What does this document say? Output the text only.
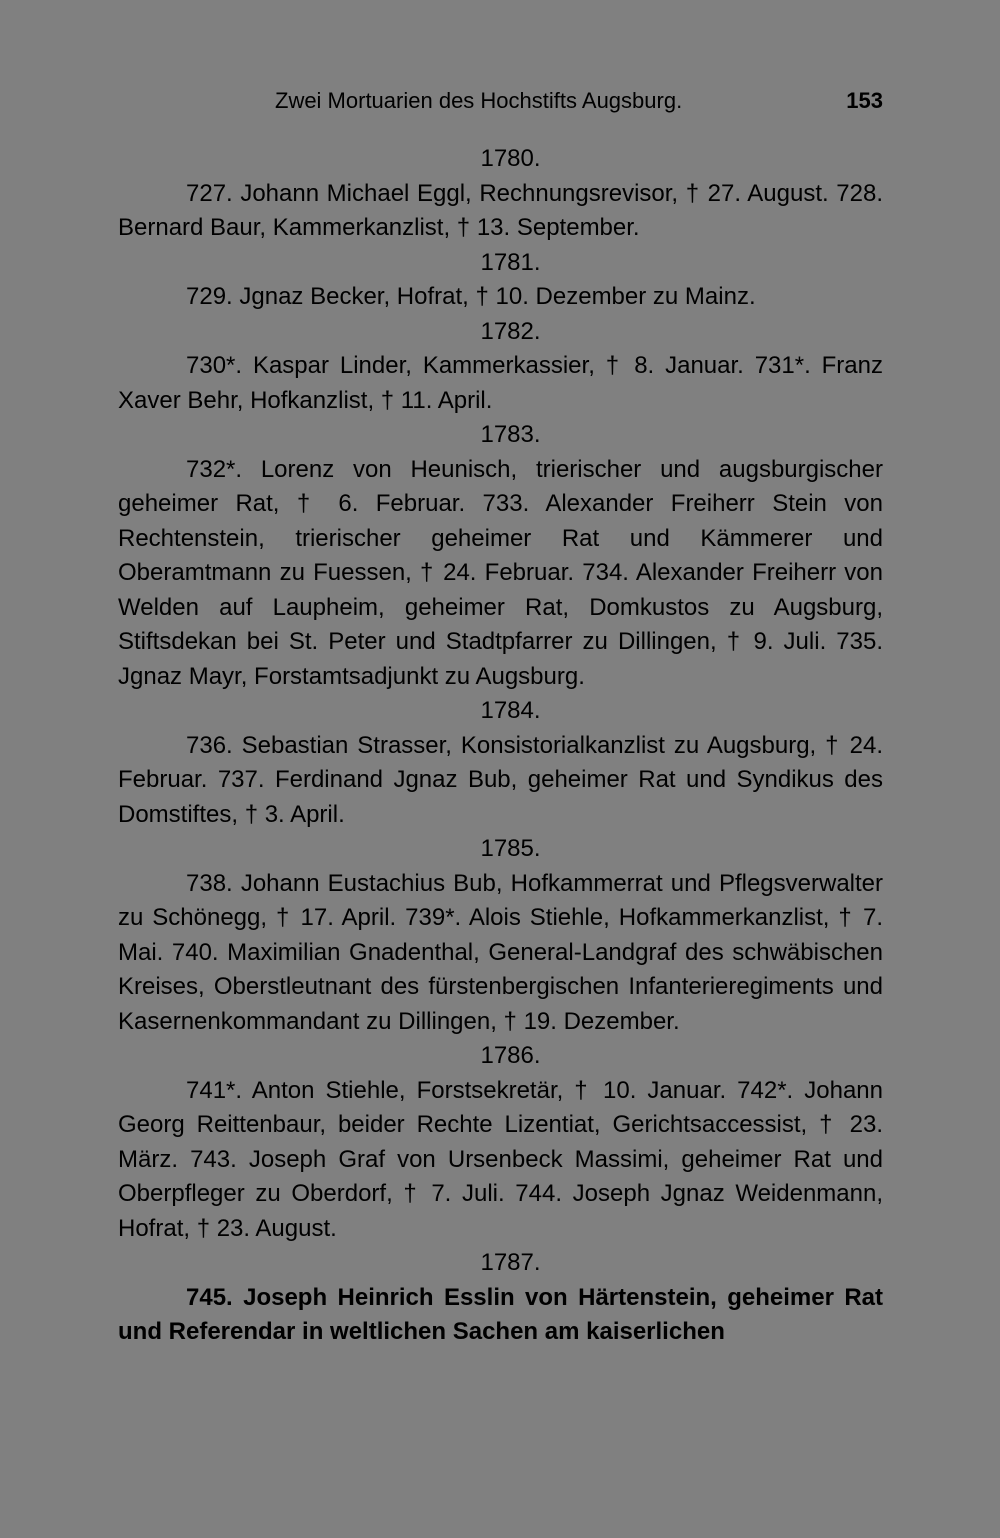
Zwei Mortuarien des Hochstifts Augsburg.	153

1780.

727. Johann Michael Eggl, Rechnungsrevisor, † 27. August. 728. Bernard Baur, Kammerkanzlist, † 13. September.

1781.

729. Jgnaz Becker, Hofrat, † 10. Dezember zu Mainz.

1782.

730*. Kaspar Linder, Kammerkassier, † 8. Januar. 731*. Franz Xaver Behr, Hofkanzlist, † 11. April.

1783.

732*. Lorenz von Heunisch, trierischer und augsburgischer geheimer Rat, † 6. Februar. 733. Alexander Freiherr Stein von Rechtenstein, trierischer geheimer Rat und Kämmerer und Oberamtmann zu Fuessen, † 24. Februar. 734. Alexander Freiherr von Welden auf Laupheim, geheimer Rat, Domkustos zu Augsburg, Stiftsdekan bei St. Peter und Stadtpfarrer zu Dillingen, † 9. Juli. 735. Jgnaz Mayr, Forstamtsadjunkt zu Augsburg.

1784.

736. Sebastian Strasser, Konsistorialkanzlist zu Augsburg, † 24. Februar. 737. Ferdinand Jgnaz Bub, geheimer Rat und Syndikus des Domstiftes, † 3. April.

1785.

738. Johann Eustachius Bub, Hofkammerrat und Pflegsverwalter zu Schönegg, † 17. April. 739*. Alois Stiehle, Hofkammerkanzlist, † 7. Mai. 740. Maximilian Gnadenthal, General-Landgraf des schwäbischen Kreises, Oberstleutnant des fürstenbergischen Infanterieregiments und Kasernenkommandant zu Dillingen, † 19. Dezember.

1786.

741*. Anton Stiehle, Forstsekretär, † 10. Januar. 742*. Johann Georg Reittenbaur, beider Rechte Lizentiat, Gerichtsaccessist, † 23. März. 743. Joseph Graf von Ursenbeck Massimi, geheimer Rat und Oberpfleger zu Oberdorf, † 7. Juli. 744. Joseph Jgnaz Weidenmann, Hofrat, † 23. August.

1787.

745. Joseph Heinrich Esslin von Härtenstein, geheimer Rat und Referendar in weltlichen Sachen am kaiserlichen
